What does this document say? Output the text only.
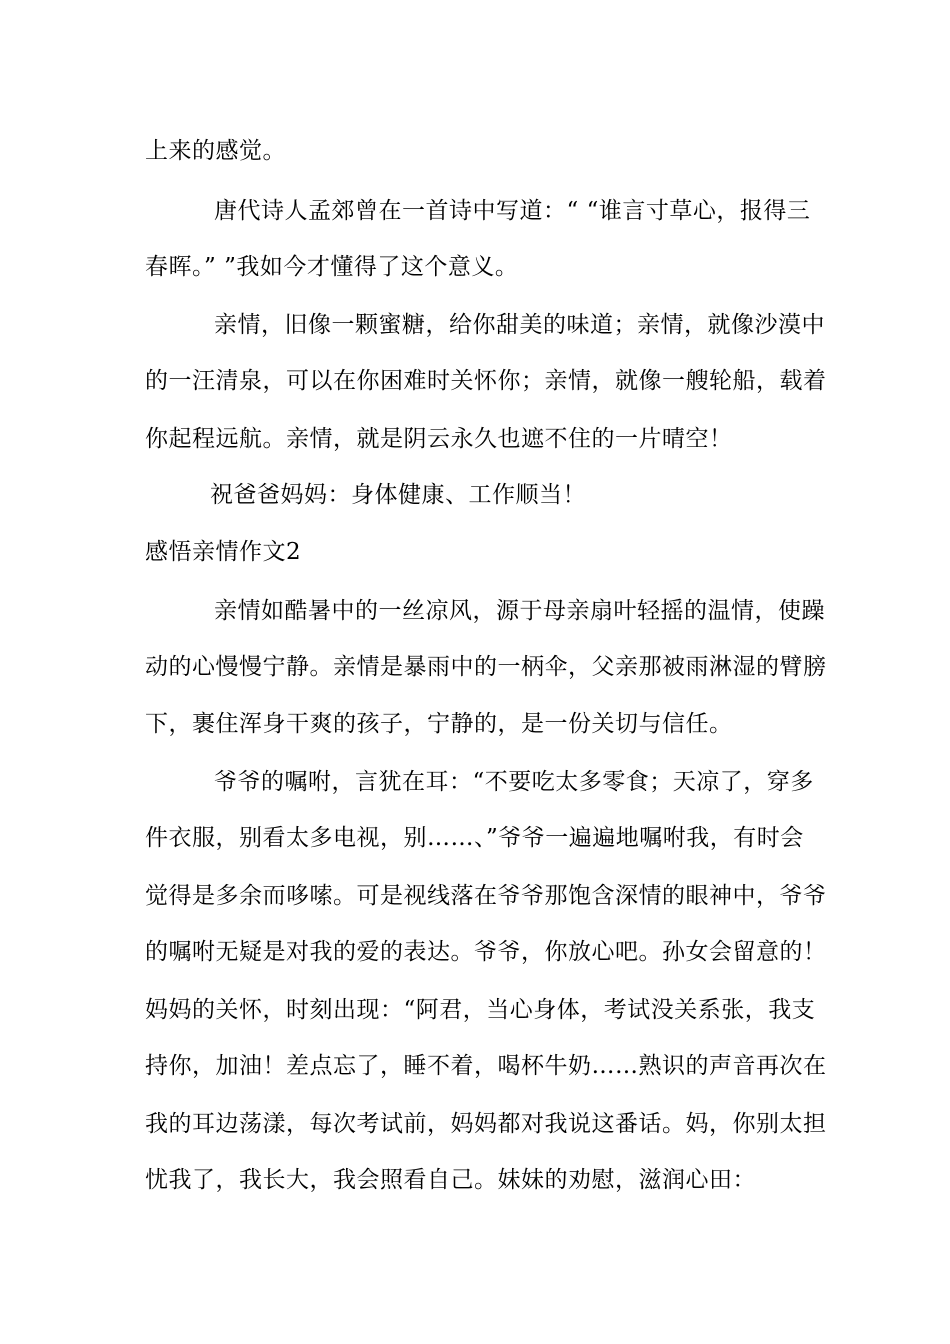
上来的感觉。
唐代诗人孟郊曾在一首诗中写道：“ “谁言寸草心，报得三
春晖。” ”我如今才懂得了这个意义。
亲情，旧像一颗蜜糖，给你甜美的味道；亲情，就像沙漠中
的一汪清泉，可以在你困难时关怀你；亲情，就像一艘轮船，载着
你起程远航。亲情，就是阴云永久也遮不住的一片晴空！
祝爸爸妈妈：身体健康、工作顺当！
感悟亲情作文2
亲情如酷暑中的一丝凉风，源于母亲扇叶轻摇的温情，使躁
动的心慢慢宁静。亲情是暴雨中的一柄伞，父亲那被雨淋湿的臂膀
下，裹住浑身干爽的孩子，宁静的，是一份关切与信任。
爷爷的嘱咐，言犹在耳：“不要吃太多零食；天凉了，穿多
件衣服，别看太多电视，别……、”爷爷一遍遍地嘱咐我，有时会
觉得是多余而哆嗦。可是视线落在爷爷那饱含深情的眼神中，爷爷
的嘱咐无疑是对我的爱的表达。爷爷，你放心吧。孙女会留意的！
妈妈的关怀，时刻出现：“阿君，当心身体，考试没关系张，我支
持你，加油！差点忘了，睡不着，喝杯牛奶……熟识的声音再次在
我的耳边荡漾，每次考试前，妈妈都对我说这番话。妈，你别太担
忧我了，我长大，我会照看自己。妹妹的劝慰，滋润心田：
